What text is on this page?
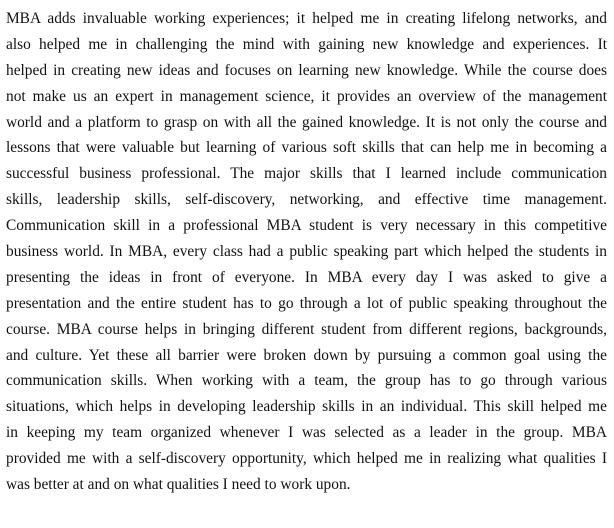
MBA adds invaluable working experiences; it helped me in creating lifelong networks, and
also helped me in challenging the mind with gaining new knowledge and experiences. It
helped in creating new ideas and focuses on learning new knowledge. While the course does
not make us an expert in management science, it provides an overview of the management
world and a platform to grasp on with all the gained knowledge. It is not only the course and
lessons that were valuable but learning of various soft skills that can help me in becoming a
successful business professional. The major skills that I learned include communication
skills, leadership skills, self-discovery, networking, and effective time management.
Communication skill in a professional MBA student is very necessary in this competitive
business world. In MBA, every class had a public speaking part which helped the students in
presenting the ideas in front of everyone. In MBA every day I was asked to give a
presentation and the entire student has to go through a lot of public speaking throughout the
course. MBA course helps in bringing different student from different regions, backgrounds,
and culture. Yet these all barrier were broken down by pursuing a common goal using the
communication skills. When working with a team, the group has to go through various
situations, which helps in developing leadership skills in an individual. This skill helped me
in keeping my team organized whenever I was selected as a leader in the group. MBA
provided me with a self-discovery opportunity, which helped me in realizing what qualities I
was better at and on what qualities I need to work upon.
